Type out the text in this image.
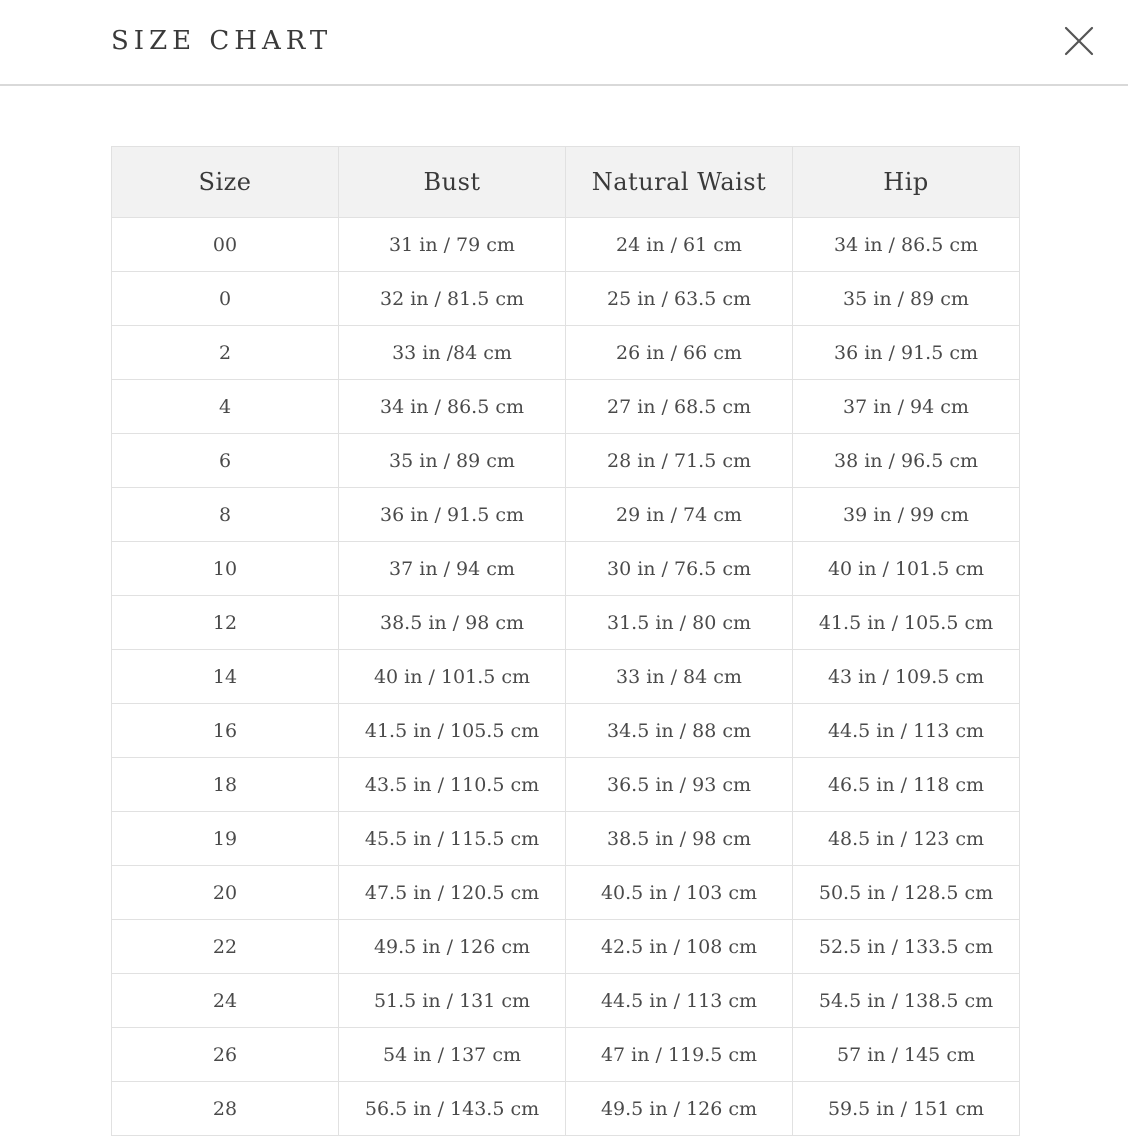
SIZE CHART
Size	Bust	Natural Waist	Hip
00	31 in / 79 cm	24 in / 61 cm	34 in / 86.5 cm
0	32 in / 81.5 cm	25 in / 63.5 cm	35 in / 89 cm
2	33 in /84 cm	26 in / 66 cm	36 in / 91.5 cm
4	34 in / 86.5 cm	27 in / 68.5 cm	37 in / 94 cm
6	35 in / 89 cm	28 in / 71.5 cm	38 in / 96.5 cm
8	36 in / 91.5 cm	29 in / 74 cm	39 in / 99 cm
10	37 in / 94 cm	30 in / 76.5 cm	40 in / 101.5 cm
12	38.5 in / 98 cm	31.5 in / 80 cm	41.5 in / 105.5 cm
14	40 in / 101.5 cm	33 in / 84 cm	43 in / 109.5 cm
16	41.5 in / 105.5 cm	34.5 in / 88 cm	44.5 in / 113 cm
18	43.5 in / 110.5 cm	36.5 in / 93 cm	46.5 in / 118 cm
19	45.5 in / 115.5 cm	38.5 in / 98 cm	48.5 in / 123 cm
20	47.5 in / 120.5 cm	40.5 in / 103 cm	50.5 in / 128.5 cm
22	49.5 in / 126 cm	42.5 in / 108 cm	52.5 in / 133.5 cm
24	51.5 in / 131 cm	44.5 in / 113 cm	54.5 in / 138.5 cm
26	54 in / 137 cm	47 in / 119.5 cm	57 in / 145 cm
28	56.5 in / 143.5 cm	49.5 in / 126 cm	59.5 in / 151 cm
